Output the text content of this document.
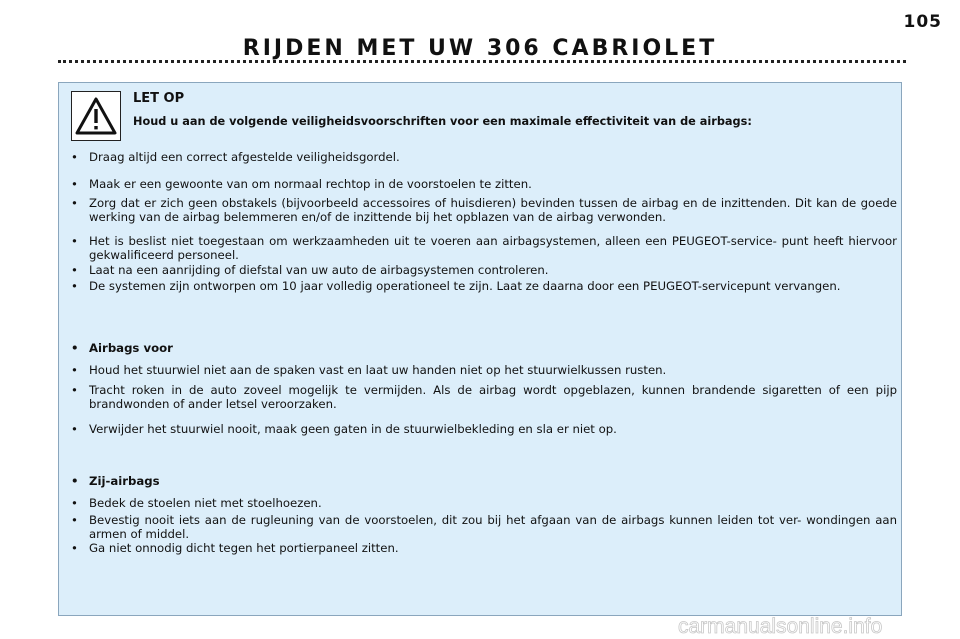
105
RIJDEN MET UW 306 CABRIOLET
LET OP
Houd u aan de volgende veiligheidsvoorschriften voor een maximale effectiviteit van de airbags:
• Draag altijd een correct afgestelde veiligheidsgordel.
• Maak er een gewoonte van om normaal rechtop in de voorstoelen te zitten.
• Zorg dat er zich geen obstakels (bijvoorbeeld accessoires of huisdieren) bevinden tussen de airbag en de inzittenden. Dit kan de goede werking van de airbag belemmeren en/of de inzittende bij het opblazen van de airbag verwonden.
• Het is beslist niet toegestaan om werkzaamheden uit te voeren aan airbagsystemen, alleen een PEUGEOT-service- punt heeft hiervoor gekwalificeerd personeel.
• Laat na een aanrijding of diefstal van uw auto de airbagsystemen controleren.
• De systemen zijn ontworpen om 10 jaar volledig operationeel te zijn. Laat ze daarna door een PEUGEOT-servicepunt vervangen.
• Airbags voor
• Houd het stuurwiel niet aan de spaken vast en laat uw handen niet op het stuurwielkussen rusten.
• Tracht roken in de auto zoveel mogelijk te vermijden. Als de airbag wordt opgeblazen, kunnen brandende sigaretten of een pijp brandwonden of ander letsel veroorzaken.
• Verwijder het stuurwiel nooit, maak geen gaten in de stuurwielbekleding en sla er niet op.
• Zij-airbags
• Bedek de stoelen niet met stoelhoezen.
• Bevestig nooit iets aan de rugleuning van de voorstoelen, dit zou bij het afgaan van de airbags kunnen leiden tot ver- wondingen aan armen of middel.
• Ga niet onnodig dicht tegen het portierpaneel zitten.
carmanualsonline.info
